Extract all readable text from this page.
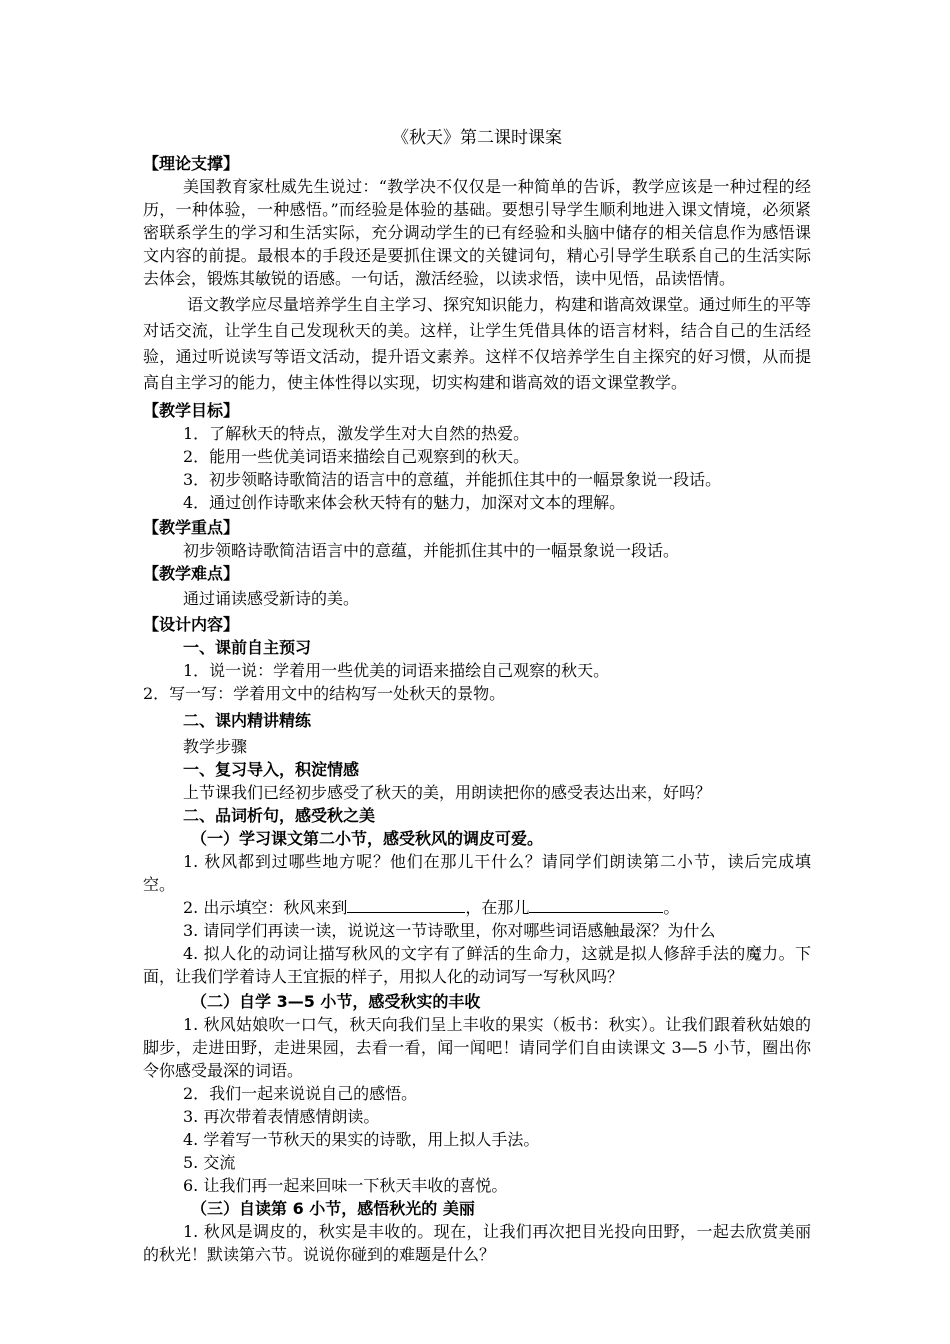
《秋天》第二课时课案
【理论支撑】

美国教育家杜威先生说过：“教学决不仅仅是一种简单的告诉，教学应该是一种过程的经历，一种体验，一种感悟。”而经验是体验的基础。要想引导学生顺利地进入课文情境，必须紧密联系学生的学习和生活实际，充分调动学生的已有经验和头脑中储存的相关信息作为感悟课文内容的前提。最根本的手段还是要抓住课文的关键词句，精心引导学生联系自己的生活实际去体会，锻炼其敏锐的语感。一句话，激活经验，以读求悟，读中见悟，品读悟情。

语文教学应尽量培养学生自主学习、探究知识能力，构建和谐高效课堂。通过师生的平等对话交流，让学生自己发现秋天的美。这样，让学生凭借具体的语言材料，结合自己的生活经验，通过听说读写等语文活动，提升语文素养。这样不仅培养学生自主探究的好习惯，从而提高自主学习的能力，使主体性得以实现，切实构建和谐高效的语文课堂教学。

【教学目标】

1．了解秋天的特点，激发学生对大自然的热爱。

2．能用一些优美词语来描绘自己观察到的秋天。

3．初步领略诗歌简洁的语言中的意蕴，并能抓住其中的一幅景象说一段话。

4．通过创作诗歌来体会秋天特有的魅力，加深对文本的理解。

【教学重点】

初步领略诗歌简洁语言中的意蕴，并能抓住其中的一幅景象说一段话。

【教学难点】

通过诵读感受新诗的美。

【设计内容】

一、课前自主预习

1．说一说：学着用一些优美的词语来描绘自己观察的秋天。

2．写一写：学着用文中的结构写一处秋天的景物。

二、课内精讲精练

教学步骤

一、复习导入，积淀情感

上节课我们已经初步感受了秋天的美，用朗读把你的感受表达出来，好吗？

二、品词析句，感受秋之美

（一）学习课文第二小节，感受秋风的调皮可爱。

1. 秋风都到过哪些地方呢？他们在那儿干什么？请同学们朗读第二小节，读后完成填空。

2. 出示填空：秋风来到	，在那儿	。

3. 请同学们再读一读，说说这一节诗歌里，你对哪些词语感触最深？为什么

4. 拟人化的动词让描写秋风的文字有了鲜活的生命力，这就是拟人修辞手法的魔力。下面，让我们学着诗人王宜振的样子，用拟人化的动词写一写秋风吗？

（二）自学 3—5 小节，感受秋实的丰收

1. 秋风姑娘吹一口气，秋天向我们呈上丰收的果实（板书：秋实）。让我们跟着秋姑娘的脚步，走进田野，走进果园，去看一看，闻一闻吧！请同学们自由读课文 3—5 小节，圈出你令你感受最深的词语。

2．我们一起来说说自己的感悟。

3. 再次带着表情感情朗读。

4. 学着写一节秋天的果实的诗歌，用上拟人手法。

5. 交流

6. 让我们再一起来回味一下秋天丰收的喜悦。

（三）自读第 6 小节，感悟秋光的 美丽

1. 秋风是调皮的，秋实是丰收的。现在，让我们再次把目光投向田野，一起去欣赏美丽的秋光！默读第六节。说说你碰到的难题是什么？
